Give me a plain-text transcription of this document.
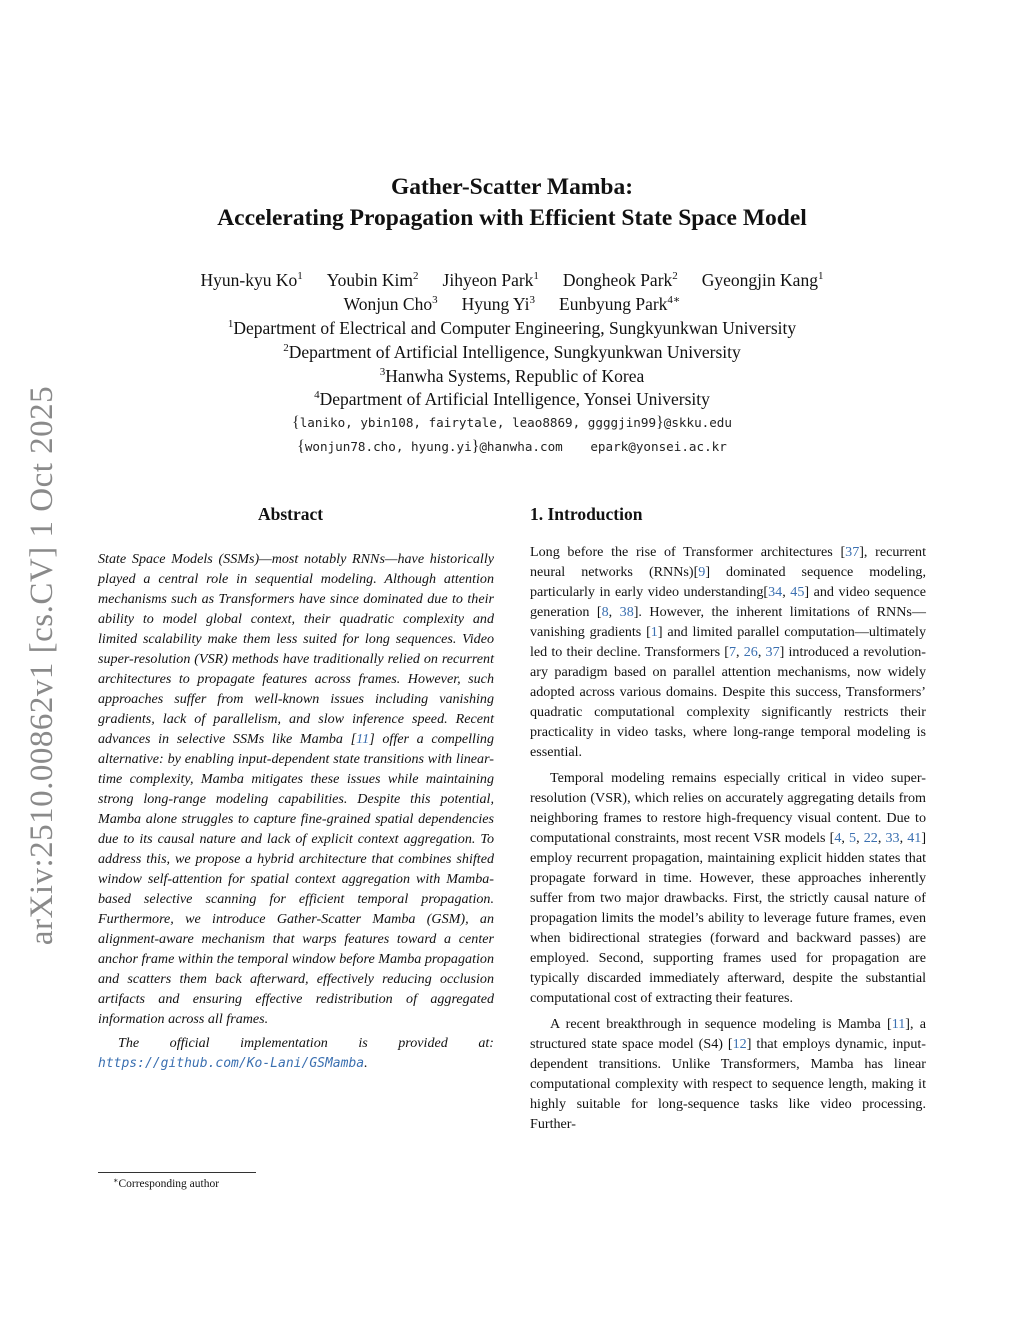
arXiv:2510.00862v1 [cs.CV] 1 Oct 2025
Gather-Scatter Mamba:
Accelerating Propagation with Efficient State Space Model
Hyun-kyu Ko$^1$ Youbin Kim$^2$ Jihyeon Park$^1$ Dongheok Park$^2$ Gyeongjin Kang$^1$
Wonjun Cho$^3$ Hyung Yi$^3$ Eunbyung Park$^{4∗}$
$^1$Department of Electrical and Computer Engineering, Sungkyunkwan University
$^2$Department of Artificial Intelligence, Sungkyunkwan University
$^3$Hanwha Systems, Republic of Korea
$^4$Department of Artificial Intelligence, Yonsei University
{laniko, ybin108, fairytale, leao8869, ggggjin99}@skku.edu
{wonjun78.cho, hyung.yi}@hanwha.com epark@yonsei.ac.kr
Abstract

State Space Models (SSMs)—most notably RNNs—have historically played a central role in sequential modeling. Although attention mechanisms such as Transformers have since dominated due to their ability to model global context, their quadratic complexity and limited scalability make them less suited for long sequences. Video super-resolution (VSR) methods have traditionally relied on recurrent architectures to propagate features across frames. However, such approaches suffer from well-known issues including vanishing gradients, lack of parallelism, and slow inference speed. Recent advances in selective SSMs like Mamba [11] offer a compelling alternative: by enabling input-dependent state transitions with linear-time complexity, Mamba mitigates these issues while maintaining strong long-range modeling capabilities. Despite this potential, Mamba alone struggles to capture fine-grained spatial dependencies due to its causal nature and lack of explicit context aggregation. To address this, we propose a hybrid architecture that combines shifted window self-attention for spatial context aggregation with Mamba-based selective scanning for efficient temporal propagation. Furthermore, we introduce Gather-Scatter Mamba (GSM), an alignment-aware mechanism that warps features toward a center anchor frame within the temporal window before Mamba propagation and scatters them back afterward, effectively reducing occlusion artifacts and ensuring effective redistribution of aggregated information across all frames.

The official implementation is provided at: https://github.com/Ko-Lani/GSMamba.

1. Introduction

Long before the rise of Transformer architectures [37], recurrent neural networks (RNNs)[9] dominated sequence modeling, particularly in early video understanding[34, 45] and video sequence generation [8, 38]. However, the inherent limitations of RNNs—vanishing gradients [1] and limited parallel computation—ultimately led to their decline. Transformers [7, 26, 37] introduced a revolutionary paradigm based on parallel attention mechanisms, now widely adopted across various domains. Despite this success, Transformers’ quadratic computational complexity significantly restricts their practicality in video tasks, where long-range temporal modeling is essential.

Temporal modeling remains especially critical in video super-resolution (VSR), which relies on accurately aggregating details from neighboring frames to restore high-frequency visual content. Due to computational constraints, most recent VSR models [4, 5, 22, 33, 41] employ recurrent propagation, maintaining explicit hidden states that propagate forward in time. However, these approaches inherently suffer from two major drawbacks. First, the strictly causal nature of propagation limits the model’s ability to leverage future frames, even when bidirectional strategies (forward and backward passes) are employed. Second, supporting frames used for propagation are typically discarded immediately afterward, despite the substantial computational cost of extracting their features.

A recent breakthrough in sequence modeling is Mamba [11], a structured state space model (S4) [12] that employs dynamic, input-dependent transitions. Unlike Transformers, Mamba has linear computational complexity with respect to sequence length, making it highly suitable for long-sequence tasks like video processing. Further-

∗Corresponding author
